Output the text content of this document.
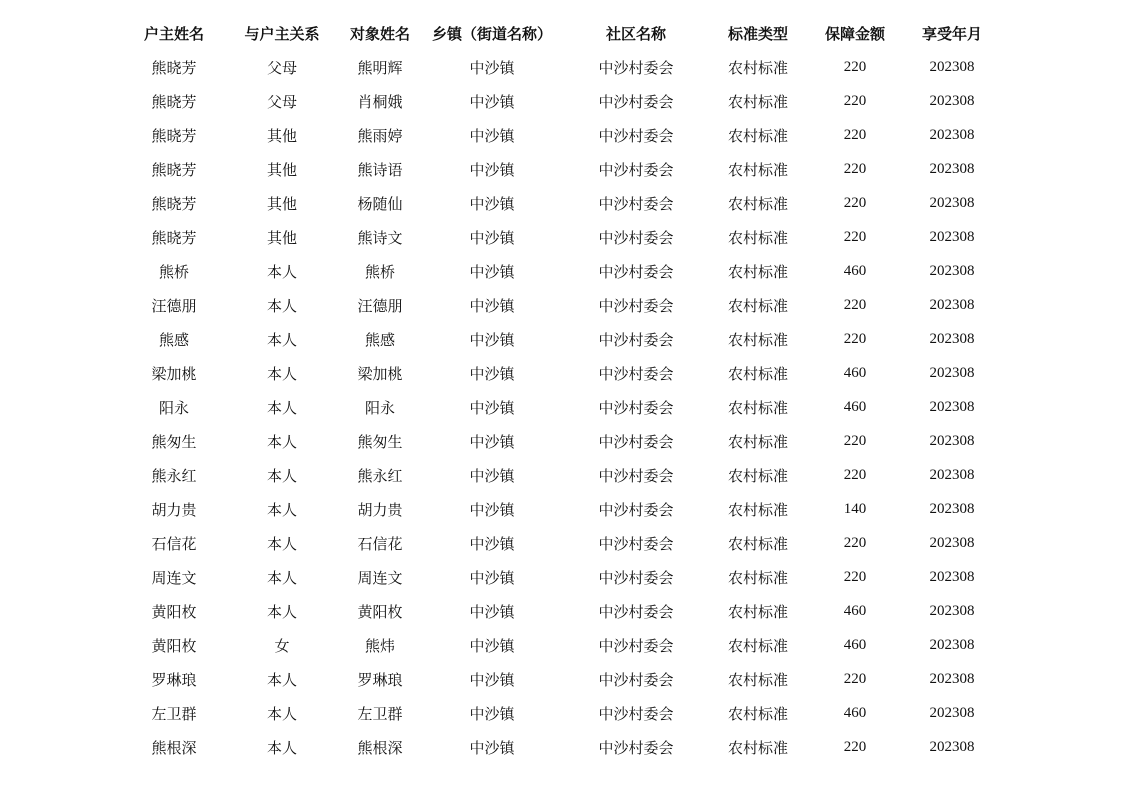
户主姓名	与户主关系	对象姓名	乡镇（街道名称）	社区名称	标准类型	保障金额	享受年月
熊晓芳	父母	熊明辉	中沙镇	中沙村委会	农村标准	220	202308
熊晓芳	父母	肖桐娥	中沙镇	中沙村委会	农村标准	220	202308
熊晓芳	其他	熊雨婷	中沙镇	中沙村委会	农村标准	220	202308
熊晓芳	其他	熊诗语	中沙镇	中沙村委会	农村标准	220	202308
熊晓芳	其他	杨随仙	中沙镇	中沙村委会	农村标准	220	202308
熊晓芳	其他	熊诗文	中沙镇	中沙村委会	农村标准	220	202308
熊桥	本人	熊桥	中沙镇	中沙村委会	农村标准	460	202308
汪德朋	本人	汪德朋	中沙镇	中沙村委会	农村标准	220	202308
熊感	本人	熊感	中沙镇	中沙村委会	农村标准	220	202308
梁加桃	本人	梁加桃	中沙镇	中沙村委会	农村标准	460	202308
阳永	本人	阳永	中沙镇	中沙村委会	农村标准	460	202308
熊匆生	本人	熊匆生	中沙镇	中沙村委会	农村标准	220	202308
熊永红	本人	熊永红	中沙镇	中沙村委会	农村标准	220	202308
胡力贵	本人	胡力贵	中沙镇	中沙村委会	农村标准	140	202308
石信花	本人	石信花	中沙镇	中沙村委会	农村标准	220	202308
周连文	本人	周连文	中沙镇	中沙村委会	农村标准	220	202308
黄阳枚	本人	黄阳枚	中沙镇	中沙村委会	农村标准	460	202308
黄阳枚	女	熊炜	中沙镇	中沙村委会	农村标准	460	202308
罗琳琅	本人	罗琳琅	中沙镇	中沙村委会	农村标准	220	202308
左卫群	本人	左卫群	中沙镇	中沙村委会	农村标准	460	202308
熊根深	本人	熊根深	中沙镇	中沙村委会	农村标准	220	202308
